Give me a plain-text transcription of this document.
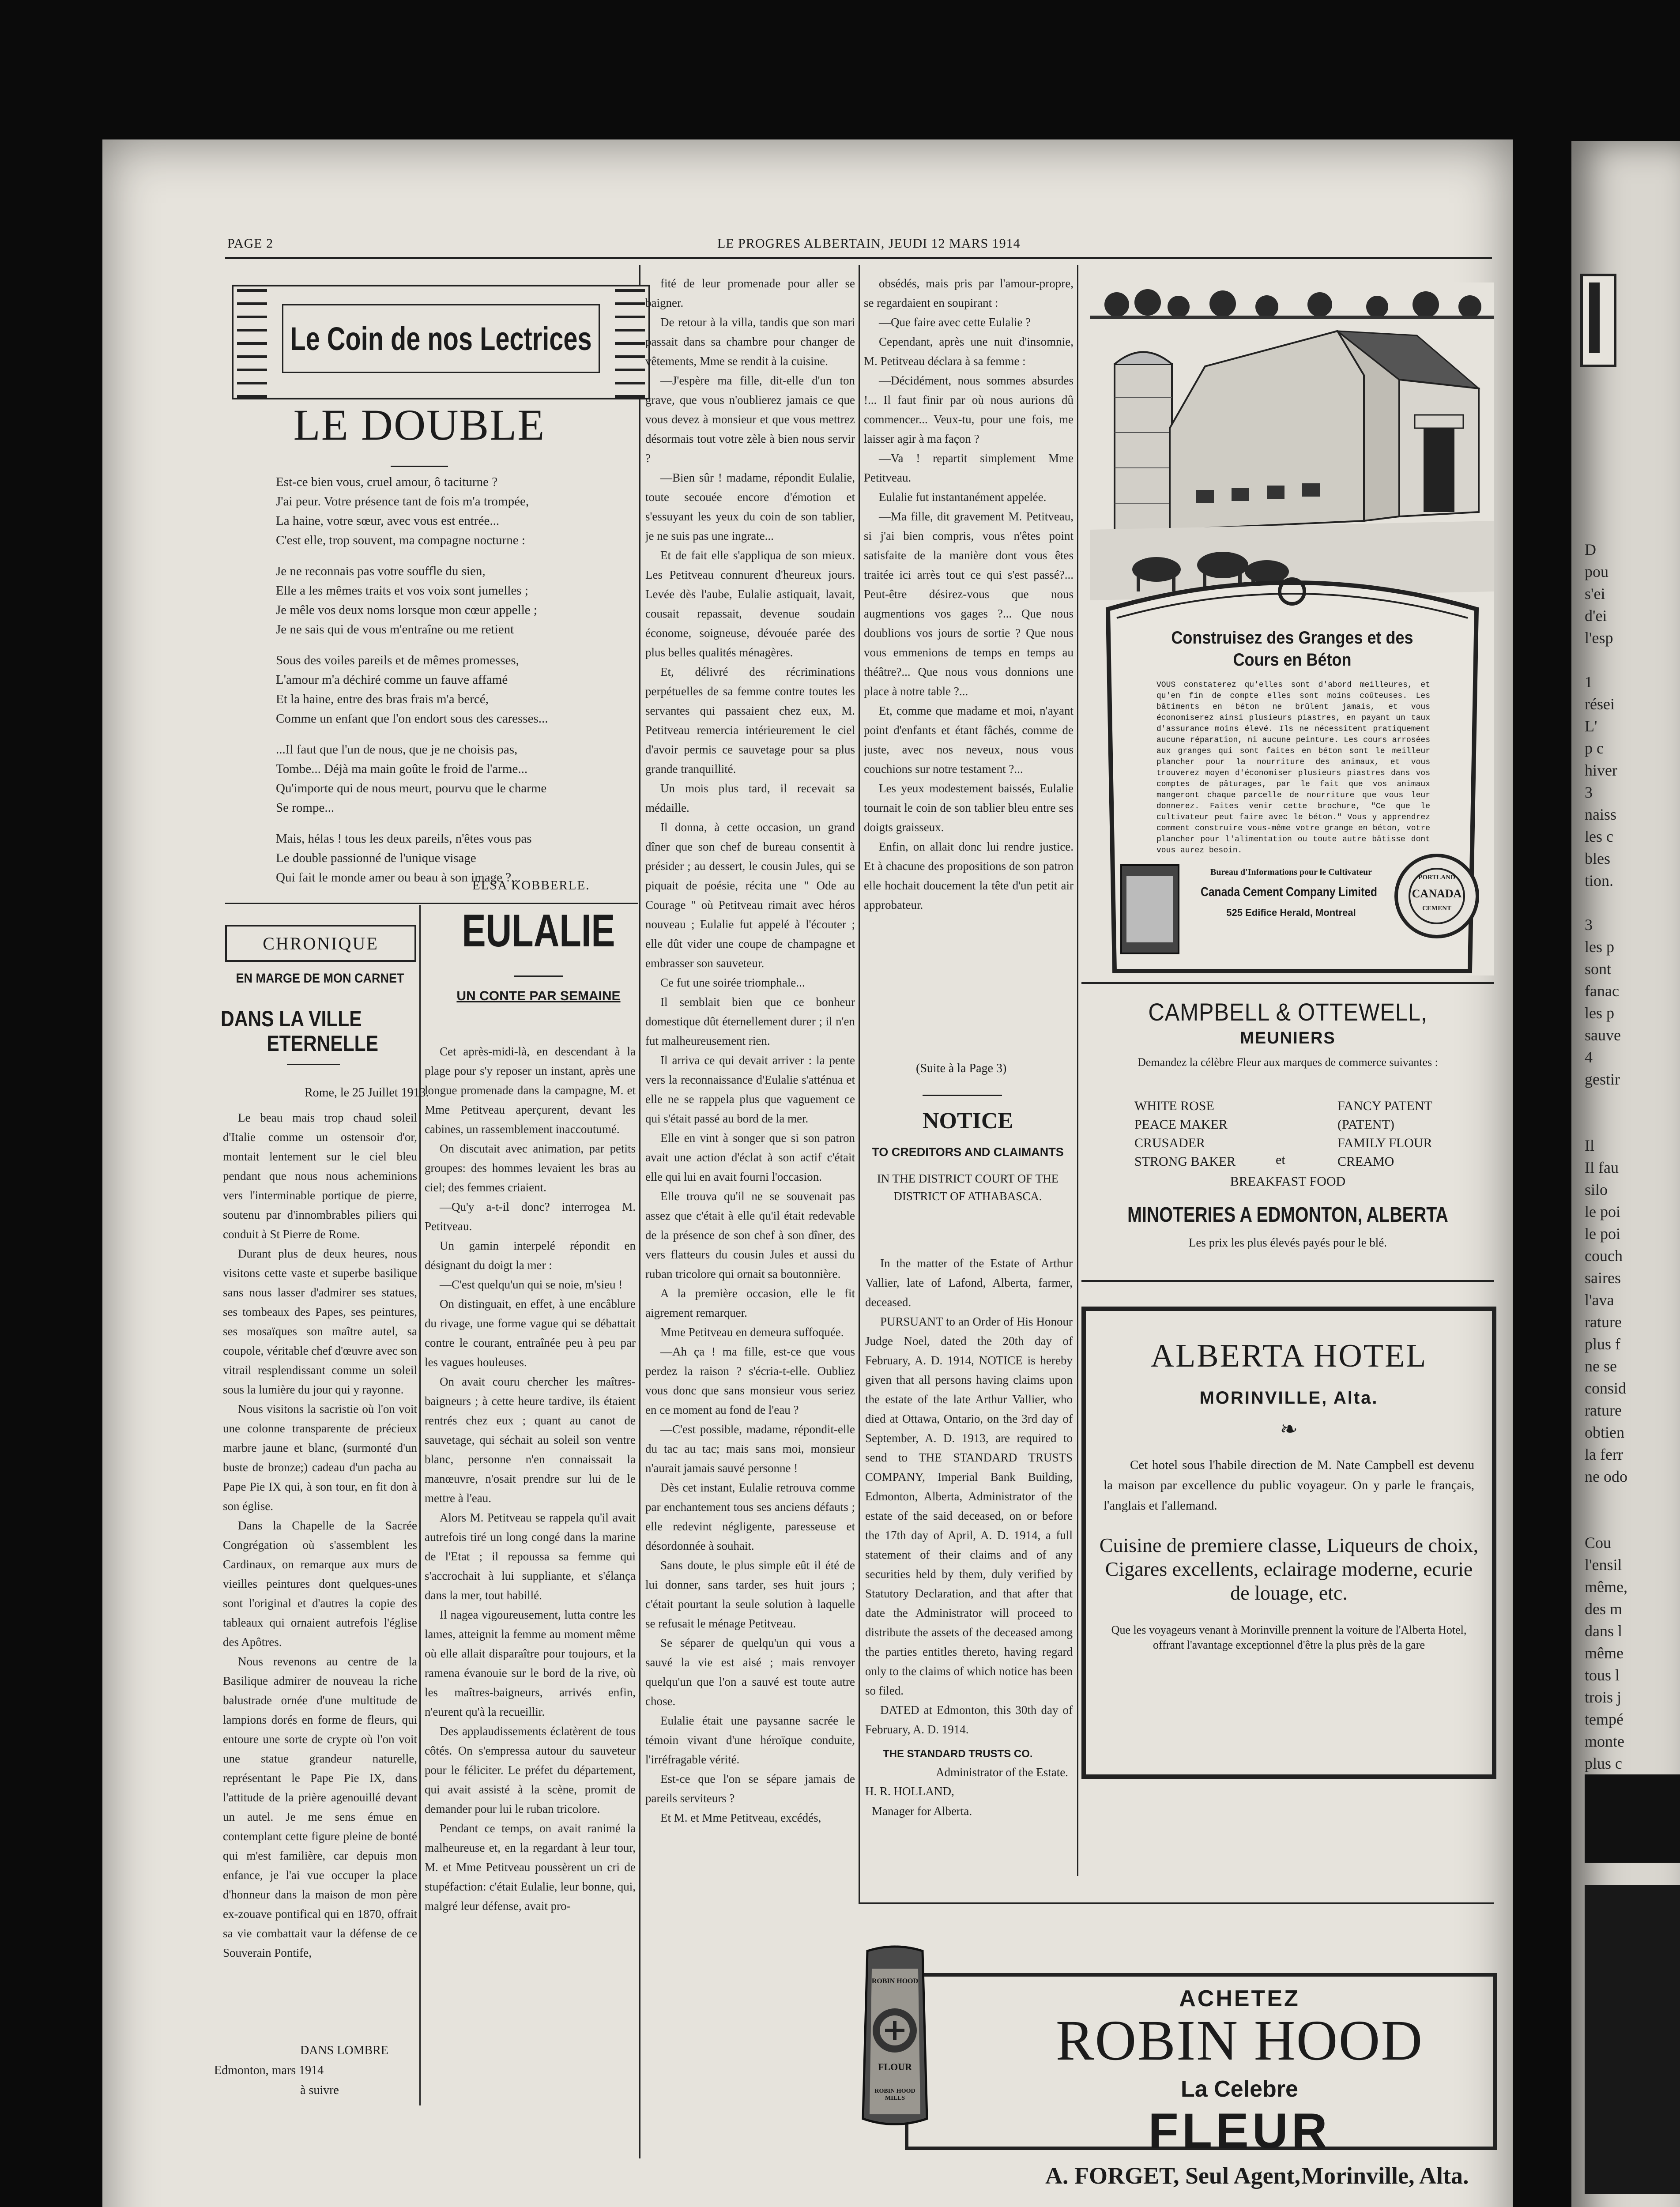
D
pou
s'ei
d'ei
l'esp

1
rései
L'
p c
hiver
3
naiss
les c
bles
tion.

3
les p
sont
fanac
les p
sauve
4
gestir

Il
Il fau
silo
le poi
le poi
couch
saires
l'ava
rature
plus f
ne se
consid
rature
obtien
la ferr
ne odo

Cou
l'ensil
même,
des m
dans l
même
tous l
trois j
tempé
monte
plus c

PAGE 2	LE PROGRES ALBERTAIN, JEUDI 12 MARS 1914
Le Coin de nos Lectrices
LE DOUBLE
Est-ce bien vous, cruel amour, ô taciturne ?
J'ai peur. Votre présence tant de fois m'a trompée,
La haine, votre sœur, avec vous est entrée...
C'est elle, trop souvent, ma compagne nocturne :
Je ne reconnais pas votre souffle du sien,
Elle a les mêmes traits et vos voix sont jumelles ;
Je mêle vos deux noms lorsque mon cœur appelle ;
Je ne sais qui de vous m'entraîne ou me retient
Sous des voiles pareils et de mêmes promesses,
L'amour m'a déchiré comme un fauve affamé
Et la haine, entre des bras frais m'a bercé,
Comme un enfant que l'on endort sous des caresses...
...Il faut que l'un de nous, que je ne choisis pas,
Tombe... Déjà ma main goûte le froid de l'arme...
Qu'importe qui de nous meurt, pourvu que le charme
Se rompe...
Mais, hélas ! tous les deux pareils, n'êtes vous pas
Le double passionné de l'unique visage
Qui fait le monde amer ou beau à son image ?...
ELSA KOBBERLE.
CHRONIQUE
EN MARGE DE MON CARNET
DANS LA VILLE
ETERNELLE
Rome, le 25 Juillet 1913.

Le beau mais trop chaud soleil d'Italie comme un ostensoir d'or, montait lentement sur le ciel bleu pendant que nous nous acheminions vers l'interminable portique de pierre, soutenu par d'innombrables piliers qui conduit à St Pierre de Rome.

Durant plus de deux heures, nous visitons cette vaste et superbe basilique sans nous lasser d'admirer ses statues, ses tombeaux des Papes, ses peintures, ses mosaïques son maître autel, sa coupole, véritable chef d'œuvre avec son vitrail resplendissant comme un soleil sous la lumière du jour qui y rayonne.

Nous visitons la sacristie où l'on voit une colonne transparente de précieux marbre jaune et blanc, (surmonté d'un buste de bronze;) cadeau d'un pacha au Pape Pie IX qui, à son tour, en fit don à son église.

Dans la Chapelle de la Sacrée Congrégation où s'assemblent les Cardinaux, on remarque aux murs de vieilles peintures dont quelques-unes sont l'original et d'autres la copie des tableaux qui ornaient autrefois l'église des Apôtres.

Nous revenons au centre de la Basilique admirer de nouveau la riche balustrade ornée d'une multitude de lampions dorés en forme de fleurs, qui entoure une sorte de crypte où l'on voit une statue grandeur naturelle, représentant le Pape Pie IX, dans l'attitude de la prière agenouillé devant un autel. Je me sens émue en contemplant cette figure pleine de bonté qui m'est familière, car depuis mon enfance, je l'ai vue occuper la place d'honneur dans la maison de mon père ex-zouave pontifical qui en 1870, offrait sa vie combattait vaur la défense de ce Souverain Pontife,

DANS LOMBRE
Edmonton, mars 1914
à suivre
EULALIE
UN CONTE PAR SEMAINE

Cet après-midi-là, en descendant à la plage pour s'y reposer un instant, après une longue promenade dans la campagne, M. et Mme Petitveau aperçurent, devant les cabines, un rassemblement inaccoutumé.

On discutait avec animation, par petits groupes: des hommes levaient les bras au ciel; des femmes criaient.

—Qu'y a-t-il donc? interrogea M. Petitveau.

Un gamin interpelé répondit en désignant du doigt la mer :

—C'est quelqu'un qui se noie, m'sieu !

On distinguait, en effet, à une encâblure du rivage, une forme vague qui se débattait contre le courant, entraînée peu à peu par les vagues houleuses.

On avait couru chercher les maîtres-baigneurs ; à cette heure tardive, ils étaient rentrés chez eux ; quant au canot de sauvetage, qui séchait au soleil son ventre blanc, personne n'en connaissait la manœuvre, n'osait prendre sur lui de le mettre à l'eau.

Alors M. Petitveau se rappela qu'il avait autrefois tiré un long congé dans la marine de l'Etat ; il repoussa sa femme qui s'accrochait à lui suppliante, et s'élança dans la mer, tout habillé.

Il nagea vigoureusement, lutta contre les lames, atteignit la femme au moment même où elle allait disparaître pour toujours, et la ramena évanouie sur le bord de la rive, où les maîtres-baigneurs, arrivés enfin, n'eurent qu'à la recueillir.

Des applaudissements éclatèrent de tous côtés. On s'empressa autour du sauveteur pour le féliciter. Le préfet du département, qui avait assisté à la scène, promit de demander pour lui le ruban tricolore.

Pendant ce temps, on avait ranimé la malheureuse et, en la regardant à leur tour, M. et Mme Petitveau poussèrent un cri de stupéfaction: c'était Eulalie, leur bonne, qui, malgré leur défense, avait pro-

fité de leur promenade pour aller se baigner.

De retour à la villa, tandis que son mari passait dans sa chambre pour changer de vêtements, Mme se rendit à la cuisine.

—J'espère ma fille, dit-elle d'un ton grave, que vous n'oublierez jamais ce que vous devez à monsieur et que vous mettrez désormais tout votre zèle à bien nous servir ?

—Bien sûr ! madame, répondit Eulalie, toute secouée encore d'émotion et s'essuyant les yeux du coin de son tablier, je ne suis pas une ingrate...

Et de fait elle s'appliqua de son mieux. Les Petitveau connurent d'heureux jours. Levée dès l'aube, Eulalie astiquait, lavait, cousait repassait, devenue soudain économe, soigneuse, dévouée parée des plus belles qualités ménagères.

Et, délivré des récriminations perpétuelles de sa femme contre toutes les servantes qui passaient chez eux, M. Petitveau remercia intérieurement le ciel d'avoir permis ce sauvetage pour sa plus grande tranquillité.

Un mois plus tard, il recevait sa médaille.

Il donna, à cette occasion, un grand dîner que son chef de bureau consentit à présider ; au dessert, le cousin Jules, qui se piquait de poésie, récita une " Ode au Courage " où Petitveau rimait avec héros nouveau ; Eulalie fut appelé à l'écouter ; elle dût vider une coupe de champagne et embrasser son sauveteur.

Ce fut une soirée triomphale...

Il semblait bien que ce bonheur domestique dût éternellement durer ; il n'en fut malheureusement rien.

Il arriva ce qui devait arriver : la pente vers la reconnaissance d'Eulalie s'atténua et elle ne se rappela plus que vaguement ce qui s'était passé au bord de la mer.

Elle en vint à songer que si son patron avait une action d'éclat à son actif c'était elle qui lui en avait fourni l'occasion.

Elle trouva qu'il ne se souvenait pas assez que c'était à elle qu'il était redevable de la présence de son chef à son dîner, des vers flatteurs du cousin Jules et aussi du ruban tricolore qui ornait sa boutonnière.

A la première occasion, elle le fit aigrement remarquer.

Mme Petitveau en demeura suffoquée.

—Ah ça ! ma fille, est-ce que vous perdez la raison ? s'écria-t-elle. Oubliez vous donc que sans monsieur vous seriez en ce moment au fond de l'eau ?

—C'est possible, madame, répondit-elle du tac au tac; mais sans moi, monsieur n'aurait jamais sauvé personne !

Dès cet instant, Eulalie retrouva comme par enchantement tous ses anciens défauts ; elle redevint négligente, paresseuse et désordonnée à souhait.

Sans doute, le plus simple eût il été de lui donner, sans tarder, ses huit jours ; c'était pourtant la seule solution à laquelle se refusait le ménage Petitveau.

Se séparer de quelqu'un qui vous a sauvé la vie est aisé ; mais renvoyer quelqu'un que l'on a sauvé est toute autre chose.

Eulalie était une paysanne sacrée le témoin vivant d'une héroïque conduite, l'irréfragable vérité.

Est-ce que l'on se sépare jamais de pareils serviteurs ?

Et M. et Mme Petitveau, excédés,

obsédés, mais pris par l'amour-propre, se regardaient en soupirant :

—Que faire avec cette Eulalie ?

Cependant, après une nuit d'insomnie, M. Petitveau déclara à sa femme :

—Décidément, nous sommes absurdes !... Il faut finir par où nous aurions dû commencer... Veux-tu, pour une fois, me laisser agir à ma façon ?

—Va ! repartit simplement Mme Petitveau.

Eulalie fut instantanément appelée.

—Ma fille, dit gravement M. Petitveau, si j'ai bien compris, vous n'êtes point satisfaite de la manière dont vous êtes traitée ici arrès tout ce qui s'est passé?... Peut-être désirez-vous que nous augmentions vos gages ?... Que nous doublions vos jours de sortie ? Que nous vous emmenions de temps en temps au théâtre?... Que nous vous donnions une place à notre table ?...

Et, comme que madame et moi, n'ayant point d'enfants et étant fâchés, comme de juste, avec nos neveux, nous vous couchions sur notre testament ?...

Les yeux modestement baissés, Eulalie tournait le coin de son tablier bleu entre ses doigts graisseux.

Enfin, on allait donc lui rendre justice. Et à chacune des propositions de son patron elle hochait doucement la tête d'un petit air approbateur.

(Suite à la Page 3)
NOTICE
TO CREDITORS AND CLAIMANTS
IN THE DISTRICT COURT OF THE DISTRICT OF ATHABASCA.

In the matter of the Estate of Arthur Vallier, late of Lafond, Alberta, farmer, deceased.

PURSUANT to an Order of His Honour Judge Noel, dated the 20th day of February, A. D. 1914, NOTICE is hereby given that all persons having claims upon the estate of the late Arthur Vallier, who died at Ottawa, Ontario, on the 3rd day of September, A. D. 1913, are required to send to THE STANDARD TRUSTS COMPANY, Imperial Bank Building, Edmonton, Alberta, Administrator of the estate of the said deceased, on or before the 17th day of April, A. D. 1914, a full statement of their claims and of any securities held by them, duly verified by Statutory Declaration, and that after that date the Administrator will proceed to distribute the assets of the deceased among the parties entitles thereto, having regard only to the claims of which notice has been so filed.

DATED at Edmonton, this 30th day of February, A. D. 1914.

THE STANDARD TRUSTS CO.
Administrator of the Estate.
H. R. HOLLAND,
Manager for Alberta.
Construisez des Granges et des Cours en Béton
VOUS constaterez qu'elles sont d'abord meilleures, et qu'en fin de compte elles sont moins coûteuses. Les bâtiments en béton ne brûlent jamais, et vous économiserez ainsi plusieurs piastres, en payant un taux d'assurance moins élevé. Ils ne nécessitent pratiquement aucune réparation, ni aucune peinture. Les cours arrosées aux granges qui sont faites en béton sont le meilleur plancher pour la nourriture des animaux, et vous trouverez moyen d'économiser plusieurs piastres dans vos comptes de pâturages, par le fait que vos animaux mangeront chaque parcelle de nourriture que vous leur donnerez. Faites venir cette brochure, "Ce que le cultivateur peut faire avec le béton." Vous y apprendrez comment construire vous-même votre grange en béton, votre plancher pour l'alimentation ou toute autre bâtisse dont vous aurez besoin.
Bureau d'Informations pour le Cultivateur
Canada Cement Company Limited
525 Edifice Herald, Montreal
PORTLAND
CANADA
CEMENT
CAMPBELL & OTTEWELL,
MEUNIERS
Demandez la célèbre Fleur aux marques de commerce suivantes :
WHITE ROSE
PEACE MAKER
CRUSADER
STRONG BAKER	et
FANCY PATENT
(PATENT)
FAMILY FLOUR
CREAMO
BREAKFAST FOOD
MINOTERIES A EDMONTON, ALBERTA
Les prix les plus élevés payés pour le blé.
ALBERTA HOTEL
MORINVILLE, Alta.
❧
Cet hotel sous l'habile direction de M. Nate Campbell est devenu la maison par excellence du public voyageur. On y parle le français, l'anglais et l'allemand.
Cuisine de premiere classe, Liqueurs de choix, Cigares excellents, eclairage moderne, ecurie de louage, etc.
Que les voyageurs venant à Morinville prennent la voiture de l'Alberta Hotel, offrant l'avantage exceptionnel d'être la plus près de la gare
ACHETEZ
ROBIN HOOD
La Celebre
FLEUR
A. FORGET, Seul Agent, Morinville, Alta.
ROBIN HOOD
FLOUR
ROBIN HOOD MILLS
